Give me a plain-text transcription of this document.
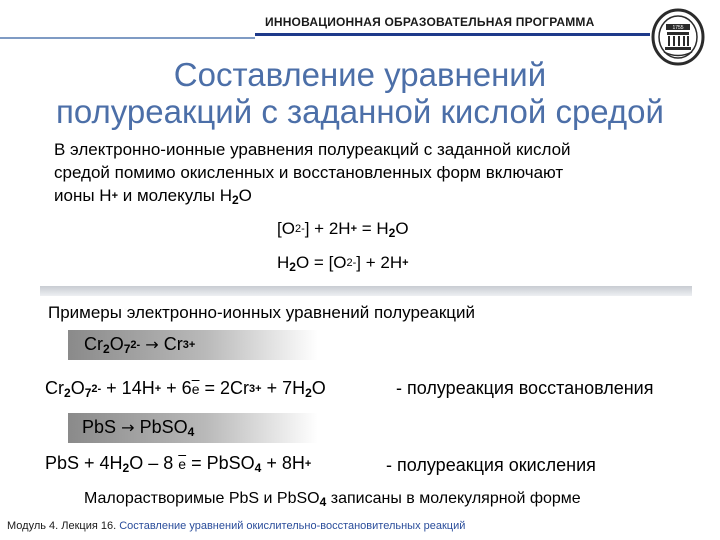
ИННОВАЦИОННАЯ ОБРАЗОВАТЕЛЬНАЯ ПРОГРАММА	1755
Составление уравнений
полуреакций с заданной кислой средой
В электронно-ионные уравнения полуреакций с заданной кислой
средой помимо окисленных и восстановленных форм включают
ионы H+ и молекулы $H_2O$
$[O^{2-}] + 2H^+ = H_2O$
$H_2O = [O^{2-}] + 2H^+$
Примеры электронно-ионных уравнений полуреакций
$Cr_2O_7^{2-} \to Cr^{3+}$
$Cr_2O_7^{2-} + 14H^+ + 6\overline{e} = 2Cr^{3+} + 7H_2O$	- полуреакция восстановления
PbS → PbSO$_4$
PbS + $4H_2O - 8$ $\overline{e}$ = PbSO$_4$ + 8H+	- полуреакция окисления
Малорастворимые PbS и PbSO$_4$ записаны в молекулярной форме
Модуль 4. Лекция 16. Составление уравнений окислительно-восстановительных реакций
